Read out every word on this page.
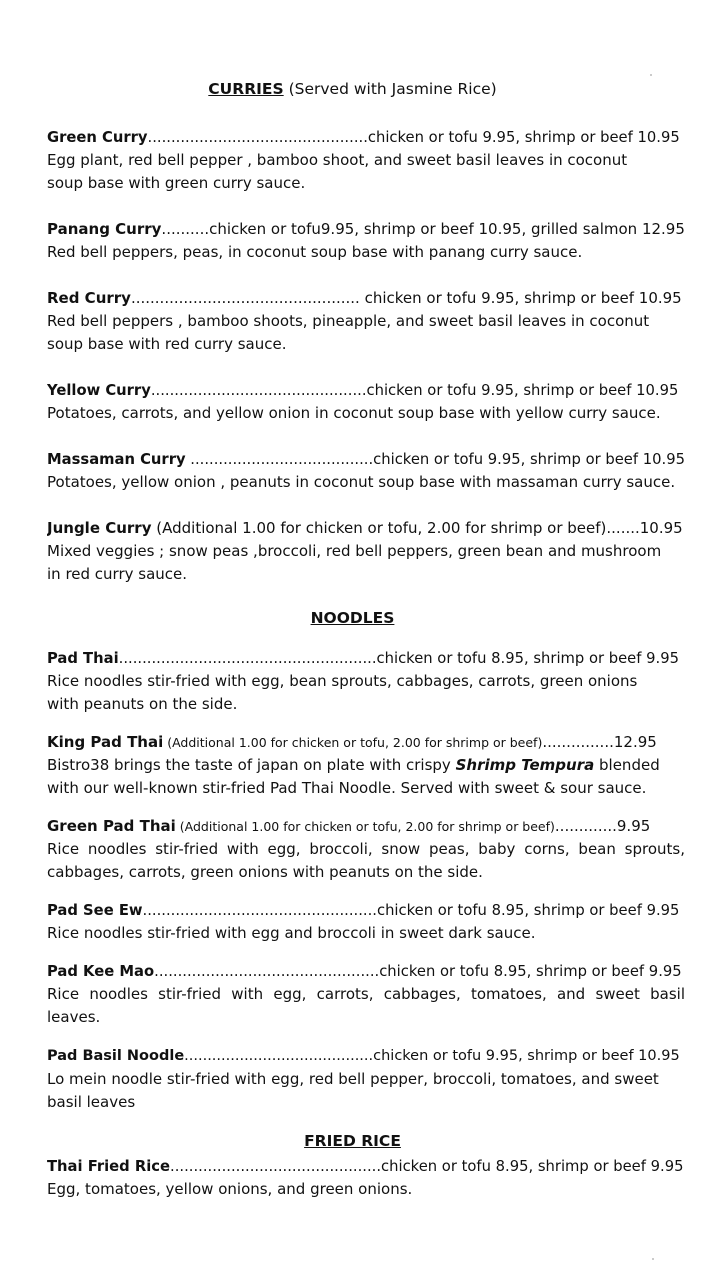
CURRIES (Served with Jasmine Rice)
Green Curry...............................................chicken or tofu 9.95, shrimp or beef 10.95
Egg plant, red bell pepper , bamboo shoot, and sweet basil leaves in coconut
soup base with green curry sauce.
Panang Curry..........chicken or tofu9.95, shrimp or beef 10.95, grilled salmon 12.95
Red bell peppers, peas, in coconut soup base with panang curry sauce.
Red Curry................................................ chicken or tofu 9.95, shrimp or beef 10.95
Red bell peppers , bamboo shoots, pineapple, and sweet basil leaves in coconut
soup base with red curry sauce.
Yellow Curry..............................................chicken or tofu 9.95, shrimp or beef 10.95
Potatoes, carrots, and yellow onion in coconut soup base with yellow curry sauce.
Massaman Curry .......................................chicken or tofu 9.95, shrimp or beef 10.95
Potatoes, yellow onion , peanuts in coconut soup base with massaman curry sauce.
Jungle Curry (Additional 1.00 for chicken or tofu, 2.00 for shrimp or beef).......10.95
Mixed veggies ; snow peas ,broccoli, red bell peppers, green bean and mushroom
in red curry sauce.
NOODLES
Pad Thai.......................................................chicken or tofu 8.95, shrimp or beef 9.95
Rice noodles stir-fried with egg, bean sprouts, cabbages, carrots, green onions
with peanuts on the side.
King Pad Thai (Additional 1.00 for chicken or tofu, 2.00 for shrimp or beef)...............12.95
Bistro38 brings the taste of japan on plate with crispy Shrimp Tempura blended
with our well-known stir-fried Pad Thai Noodle. Served with sweet & sour sauce.
Green Pad Thai (Additional 1.00 for chicken or tofu, 2.00 for shrimp or beef).............9.95
Rice noodles stir-fried with egg, broccoli, snow peas, baby corns, bean sprouts,
cabbages, carrots, green onions with peanuts on the side.
Pad See Ew..................................................chicken or tofu 8.95, shrimp or beef 9.95
Rice noodles stir-fried with egg and broccoli in sweet dark sauce.
Pad Kee Mao................................................chicken or tofu 8.95, shrimp or beef 9.95
Rice noodles stir-fried with egg, carrots, cabbages, tomatoes, and sweet basil
leaves.
Pad Basil Noodle.........................................chicken or tofu 9.95, shrimp or beef 10.95
Lo mein noodle stir-fried with egg, red bell pepper, broccoli, tomatoes, and sweet
basil leaves
FRIED RICE
Thai Fried Rice.............................................chicken or tofu 8.95, shrimp or beef 9.95
Egg, tomatoes, yellow onions, and green onions.
